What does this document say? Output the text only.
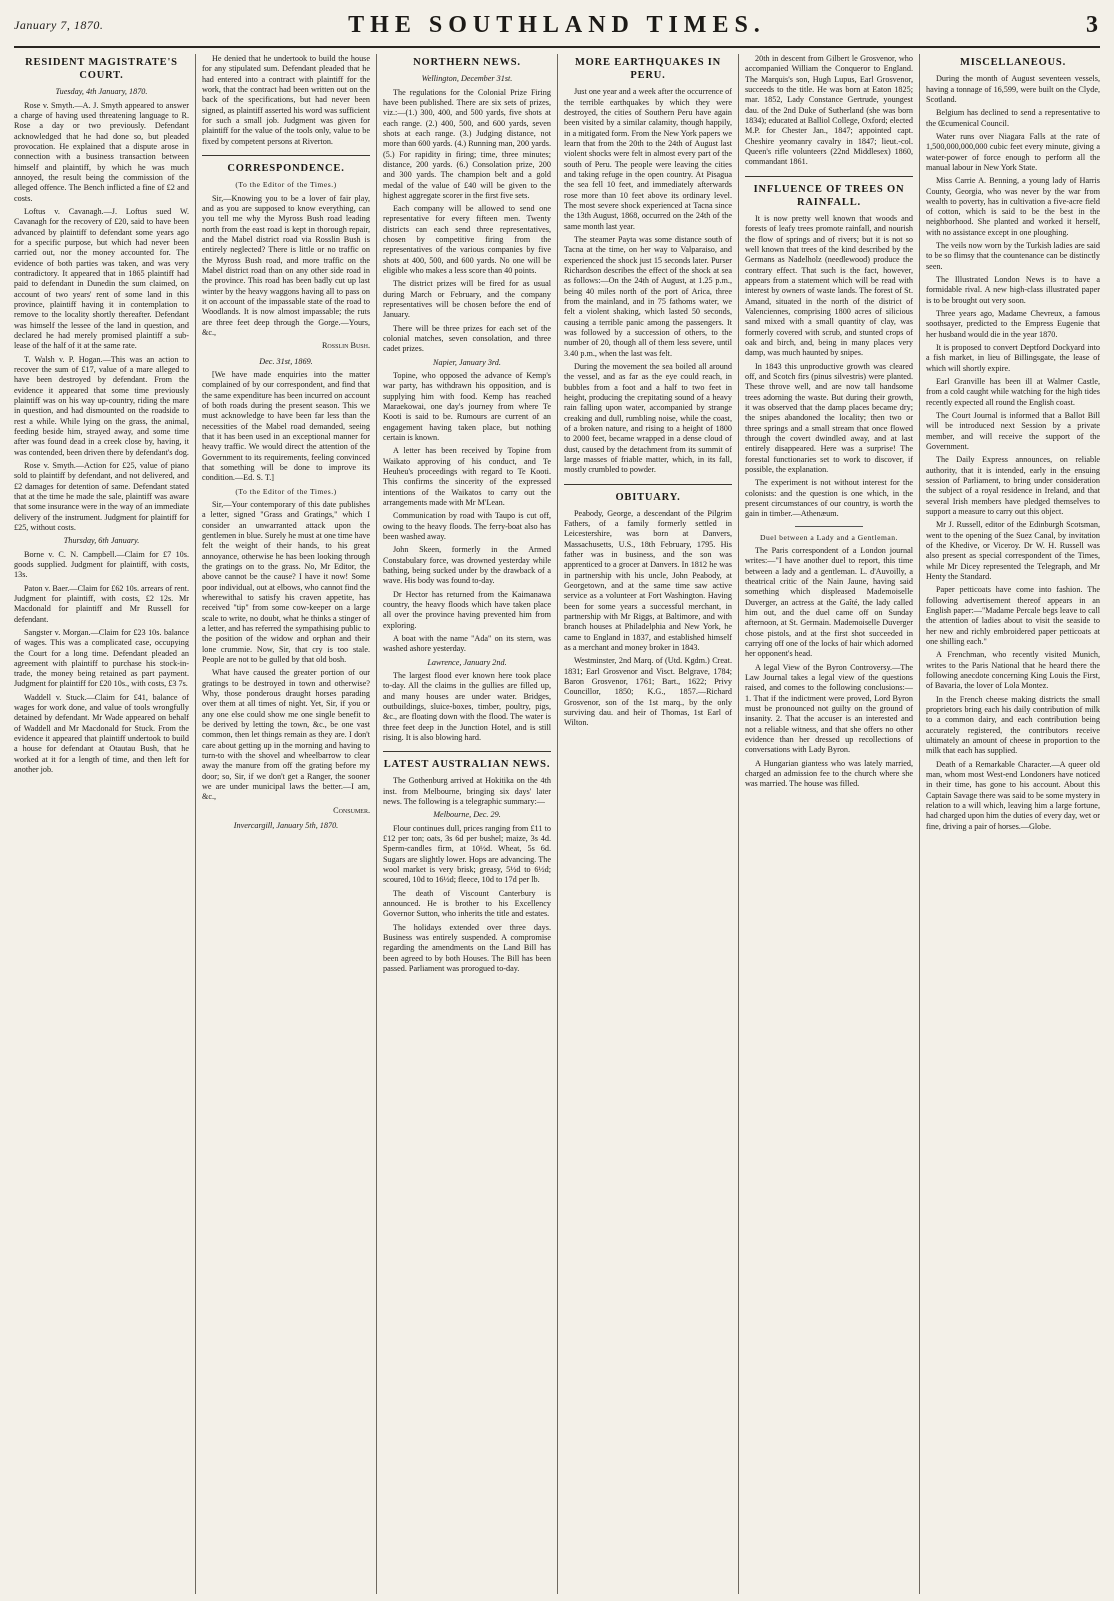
January 7, 1870.	THE SOUTHLAND TIMES.	3
RESIDENT MAGISTRATE'S COURT.
Tuesday, 4th January, 1870.

Rose v. Smyth.—A. J. Smyth appeared to answer a charge of having used threatening language to R. Rose a day or two previously. Defendant acknowledged that he had done so, but pleaded provocation. He explained that a dispute arose in connection with a business transaction between himself and plaintiff, by which he was much annoyed, the result being the commission of the alleged offence. The Bench inflicted a fine of £2 and costs.

Loftus v. Cavanagh.—J. Loftus sued W. Cavanagh for the recovery of £20, said to have been advanced by plaintiff to defendant some years ago for a specific purpose, but which had never been carried out, nor the money accounted for. The evidence of both parties was taken, and was very contradictory. It appeared that in 1865 plaintiff had paid to defendant in Dunedin the sum claimed, on account of two years' rent of some land in this province, plaintiff having it in contemplation to remove to the locality shortly thereafter. Defendant was himself the lessee of the land in question, and declared he had merely promised plaintiff a sub-lease of the half of it at the same rate.

T. Walsh v. P. Hogan.—This was an action to recover the sum of £17, value of a mare alleged to have been destroyed by defendant. From the evidence it appeared that some time previously plaintiff was on his way up-country, riding the mare in question, and had dismounted on the roadside to rest a while. While lying on the grass, the animal, feeding beside him, strayed away, and some time after was found dead in a creek close by, having, it was contended, been driven there by defendant's dog.

Rose v. Smyth.—Action for £25, value of piano sold to plaintiff by defendant, and not delivered, and £2 damages for detention of same. Defendant stated that at the time he made the sale, plaintiff was aware that some insurance were in the way of an immediate delivery of the instrument. Judgment for plaintiff for £25, without costs.

Thursday, 6th January.

Borne v. C. N. Campbell.—Claim for £7 10s. goods supplied. Judgment for plaintiff, with costs, 13s.

Paton v. Baer.—Claim for £62 10s. arrears of rent. Judgment for plaintiff, with costs, £2 12s. Mr Macdonald for plaintiff and Mr Russell for defendant.

Sangster v. Morgan.—Claim for £23 10s. balance of wages. This was a complicated case, occupying the Court for a long time. Defendant pleaded an agreement with plaintiff to purchase his stock-in-trade, the money being retained as part payment. Judgment for plaintiff for £20 10s., with costs, £3 7s.

Waddell v. Stuck.—Claim for £41, balance of wages for work done, and value of tools wrongfully detained by defendant. Mr Wade appeared on behalf of Waddell and Mr Macdonald for Stuck. From the evidence it appeared that plaintiff undertook to build a house for defendant at Otautau Bush, that he worked at it for a length of time, and then left for another job.

He denied that he undertook to build the house for any stipulated sum. Defendant pleaded that he had entered into a contract with plaintiff for the work, that the contract had been written out on the back of the specifications, but had never been signed, as plaintiff asserted his word was sufficient for such a small job. Judgment was given for plaintiff for the value of the tools only, value to be fixed by competent persons at Riverton.

CORRESPONDENCE.
(To the Editor of the Times.)

Sir,—Knowing you to be a lover of fair play, and as you are supposed to know everything, can you tell me why the Myross Bush road leading north from the east road is kept in thorough repair, and the Mabel district road via Rosslin Bush is entirely neglected? There is little or no traffic on the Myross Bush road, and more traffic on the Mabel district road than on any other side road in the province. This road has been badly cut up last winter by the heavy waggons having all to pass on it on account of the impassable state of the road to Woodlands. It is now almost impassable; the ruts are three feet deep through the Gorge.—Yours, &c.,

Rosslin Bush.
Dec. 31st, 1869.

[We have made enquiries into the matter complained of by our correspondent, and find that the same expenditure has been incurred on account of both roads during the present season. This we must acknowledge to have been far less than the necessities of the Mabel road demanded, seeing that it has been used in an exceptional manner for heavy traffic. We would direct the attention of the Government to its requirements, feeling convinced that something will be done to improve its condition.—Ed. S. T.]

(To the Editor of the Times.)

Sir,—Your contemporary of this date publishes a letter, signed "Grass and Gratings," which I consider an unwarranted attack upon the gentlemen in blue. Surely he must at one time have felt the weight of their hands, to his great annoyance, otherwise he has been looking through the gratings on to the grass. No, Mr Editor, the above cannot be the cause? I have it now! Some poor individual, out at elbows, who cannot find the wherewithal to satisfy his craven appetite, has received "tip" from some cow-keeper on a large scale to write, no doubt, what he thinks a stinger of a letter, and has referred the sympathising public to the position of the widow and orphan and their lone crummie. Now, Sir, that cry is too stale. People are not to be gulled by that old bosh.

What have caused the greater portion of our gratings to be destroyed in town and otherwise? Why, those ponderous draught horses parading over them at all times of night. Yet, Sir, if you or any one else could show me one single benefit to be derived by letting the town, &c., be one vast common, then let things remain as they are. I don't care about getting up in the morning and having to turn-to with the shovel and wheelbarrow to clear away the manure from off the grating before my door; so, Sir, if we don't get a Ranger, the sooner we are under municipal laws the better.—I am, &c.,

Consumer.
Invercargill, January 5th, 1870.
NORTHERN NEWS.
Wellington, December 31st.

The regulations for the Colonial Prize Firing have been published. There are six sets of prizes, viz.:—(1.) 300, 400, and 500 yards, five shots at each range. (2.) 400, 500, and 600 yards, seven shots at each range. (3.) Judging distance, not more than 600 yards. (4.) Running man, 200 yards. (5.) For rapidity in firing; time, three minutes; distance, 200 yards. (6.) Consolation prize, 200 and 300 yards. The champion belt and a gold medal of the value of £40 will be given to the highest aggregate scorer in the first five sets.

Each company will be allowed to send one representative for every fifteen men. Twenty districts can each send three representatives, chosen by competitive firing from the representatives of the various companies by five shots at 400, 500, and 600 yards. No one will be eligible who makes a less score than 40 points.

The district prizes will be fired for as usual during March or February, and the company representatives will be chosen before the end of January.

There will be three prizes for each set of the colonial matches, seven consolation, and three cadet prizes.

Napier, January 3rd.

Topine, who opposed the advance of Kemp's war party, has withdrawn his opposition, and is supplying him with food. Kemp has reached Maraekowai, one day's journey from where Te Kooti is said to be. Rumours are current of an engagement having taken place, but nothing certain is known.

A letter has been received by Topine from Waikato approving of his conduct, and Te Heuheu's proceedings with regard to Te Kooti. This confirms the sincerity of the expressed intentions of the Waikatos to carry out the arrangements made with Mr M'Lean.

Communication by road with Taupo is cut off, owing to the heavy floods. The ferry-boat also has been washed away.

John Skeen, formerly in the Armed Constabulary force, was drowned yesterday while bathing, being sucked under by the drawback of a wave. His body was found to-day.

Dr Hector has returned from the Kaimanawa country, the heavy floods which have taken place all over the province having prevented him from exploring.

A boat with the name "Ada" on its stern, was washed ashore yesterday.

Lawrence, January 2nd.

The largest flood ever known here took place to-day. All the claims in the gullies are filled up, and many houses are under water. Bridges, outbuildings, sluice-boxes, timber, poultry, pigs, &c., are floating down with the flood. The water is three feet deep in the Junction Hotel, and is still rising. It is also blowing hard.

LATEST AUSTRALIAN NEWS.

The Gothenburg arrived at Hokitika on the 4th inst. from Melbourne, bringing six days' later news. The following is a telegraphic summary:—

Melbourne, Dec. 29.

Flour continues dull, prices ranging from £11 to £12 per ton; oats, 3s 6d per bushel; maize, 3s 4d. Sperm-candles firm, at 10½d. Wheat, 5s 6d. Sugars are slightly lower. Hops are advancing. The wool market is very brisk; greasy, 5½d to 6½d; scoured, 10d to 16½d; fleece, 10d to 17d per lb.

The death of Viscount Canterbury is announced. He is brother to his Excellency Governor Sutton, who inherits the title and estates.

The holidays extended over three days. Business was entirely suspended. A compromise regarding the amendments on the Land Bill has been agreed to by both Houses. The Bill has been passed. Parliament was prorogued to-day.

MORE EARTHQUAKES IN PERU.

Just one year and a week after the occurrence of the terrible earthquakes by which they were destroyed, the cities of Southern Peru have again been visited by a similar calamity, though happily, in a mitigated form. From the New York papers we learn that from the 20th to the 24th of August last violent shocks were felt in almost every part of the south of Peru. The people were leaving the cities and taking refuge in the open country. At Pisagua the sea fell 10 feet, and immediately afterwards rose more than 10 feet above its ordinary level. The most severe shock experienced at Tacna since the 13th August, 1868, occurred on the 24th of the same month last year.

The steamer Payta was some distance south of Tacna at the time, on her way to Valparaiso, and experienced the shock just 15 seconds later. Purser Richardson describes the effect of the shock at sea as follows:—On the 24th of August, at 1.25 p.m., being 40 miles north of the port of Arica, three from the mainland, and in 75 fathoms water, we felt a violent shaking, which lasted 50 seconds, causing a terrible panic among the passengers. It was followed by a succession of others, to the number of 20, though all of them less severe, until 3.40 p.m., when the last was felt.

During the movement the sea boiled all around the vessel, and as far as the eye could reach, in bubbles from a foot and a half to two feet in height, producing the crepitating sound of a heavy rain falling upon water, accompanied by strange creaking and dull, rumbling noise, while the coast, of a broken nature, and rising to a height of 1800 to 2000 feet, became wrapped in a dense cloud of dust, caused by the detachment from its summit of large masses of friable matter, which, in its fall, mostly crumbled to powder.

OBITUARY.

Peabody, George, a descendant of the Pilgrim Fathers, of a family formerly settled in Leicestershire, was born at Danvers, Massachusetts, U.S., 18th February, 1795. His father was in business, and the son was apprenticed to a grocer at Danvers. In 1812 he was in partnership with his uncle, John Peabody, at Georgetown, and at the same time saw active service as a volunteer at Fort Washington. Having been for some years a successful merchant, in partnership with Mr Riggs, at Baltimore, and with branch houses at Philadelphia and New York, he came to England in 1837, and established himself as a merchant and money broker in 1843.

Westminster, 2nd Marq. of (Utd. Kgdm.) Creat. 1831; Earl Grosvenor and Visct. Belgrave, 1784; Baron Grosvenor, 1761; Bart., 1622; Privy Councillor, 1850; K.G., 1857.—Richard Grosvenor, son of the 1st marq., by the only surviving dau. and heir of Thomas, 1st Earl of Wilton.

20th in descent from Gilbert le Grosvenor, who accompanied William the Conqueror to England. The Marquis's son, Hugh Lupus, Earl Grosvenor, succeeds to the title. He was born at Eaton 1825; mar. 1852, Lady Constance Gertrude, youngest dau. of the 2nd Duke of Sutherland (she was born 1834); educated at Balliol College, Oxford; elected M.P. for Chester Jan., 1847; appointed capt. Cheshire yeomanry cavalry in 1847; lieut.-col. Queen's rifle volunteers (22nd Middlesex) 1860, commandant 1861.

INFLUENCE OF TREES ON RAINFALL.

It is now pretty well known that woods and forests of leafy trees promote rainfall, and nourish the flow of springs and of rivers; but it is not so well known that trees of the kind described by the Germans as Nadelholz (needlewood) produce the contrary effect. That such is the fact, however, appears from a statement which will be read with interest by owners of waste lands. The forest of St. Amand, situated in the north of the district of Valenciennes, comprising 1800 acres of silicious sand mixed with a small quantity of clay, was formerly covered with scrub, and stunted crops of oak and birch, and, being in many places very damp, was much haunted by snipes.

In 1843 this unproductive growth was cleared off, and Scotch firs (pinus silvestris) were planted. These throve well, and are now tall handsome trees adorning the waste. But during their growth, it was observed that the damp places became dry; the snipes abandoned the locality; then two or three springs and a small stream that once flowed through the covert dwindled away, and at last entirely disappeared. Here was a surprise! The forestal functionaries set to work to discover, if possible, the explanation.

The experiment is not without interest for the colonists: and the question is one which, in the present circumstances of our country, is worth the gain in timber.—Athenæum.

Duel between a Lady and a Gentleman.

The Paris correspondent of a London journal writes:—"I have another duel to report, this time between a lady and a gentleman. L. d'Auvoilly, a theatrical critic of the Nain Jaune, having said something which displeased Mademoiselle Duverger, an actress at the Gaîté, the lady called him out, and the duel came off on Sunday afternoon, at St. Germain. Mademoiselle Duverger chose pistols, and at the first shot succeeded in carrying off one of the locks of hair which adorned her opponent's head.

A legal View of the Byron Controversy.—The Law Journal takes a legal view of the questions raised, and comes to the following conclusions:—1. That if the indictment were proved, Lord Byron must be pronounced not guilty on the ground of insanity. 2. That the accuser is an interested and not a reliable witness, and that she offers no other evidence than her dressed up recollections of conversations with Lady Byron.

A Hungarian giantess who was lately married, charged an admission fee to the church where she was married. The house was filled.

MISCELLANEOUS.

During the month of August seventeen vessels, having a tonnage of 16,599, were built on the Clyde, Scotland.

Belgium has declined to send a representative to the Œcumenical Council.

Water runs over Niagara Falls at the rate of 1,500,000,000,000 cubic feet every minute, giving a water-power of force enough to perform all the manual labour in New York State.

Miss Carrie A. Benning, a young lady of Harris County, Georgia, who was never by the war from wealth to poverty, has in cultivation a five-acre field of cotton, which is said to be the best in the neighborhood. She planted and worked it herself, with no assistance except in one ploughing.

The veils now worn by the Turkish ladies are said to be so flimsy that the countenance can be distinctly seen.

The Illustrated London News is to have a formidable rival. A new high-class illustrated paper is to be brought out very soon.

Three years ago, Madame Chevreux, a famous soothsayer, predicted to the Empress Eugenie that her husband would die in the year 1870.

It is proposed to convert Deptford Dockyard into a fish market, in lieu of Billingsgate, the lease of which will shortly expire.

Earl Granville has been ill at Walmer Castle, from a cold caught while watching for the high tides recently expected all round the English coast.

The Court Journal is informed that a Ballot Bill will be introduced next Session by a private member, and will receive the support of the Government.

The Daily Express announces, on reliable authority, that it is intended, early in the ensuing session of Parliament, to bring under consideration the subject of a royal residence in Ireland, and that several Irish members have pledged themselves to support a measure to carry out this object.

Mr J. Russell, editor of the Edinburgh Scotsman, went to the opening of the Suez Canal, by invitation of the Khedive, or Viceroy. Dr W. H. Russell was also present as special correspondent of the Times, while Mr Dicey represented the Telegraph, and Mr Henty the Standard.

Paper petticoats have come into fashion. The following advertisement thereof appears in an English paper:—"Madame Percale begs leave to call the attention of ladies about to visit the seaside to her new and richly embroidered paper petticoats at one shilling each."

A Frenchman, who recently visited Munich, writes to the Paris National that he heard there the following anecdote concerning King Louis the First, of Bavaria, the lover of Lola Montez.

In the French cheese making districts the small proprietors bring each his daily contribution of milk to a common dairy, and each contribution being accurately registered, the contributors receive ultimately an amount of cheese in proportion to the milk that each has supplied.

Death of a Remarkable Character.—A queer old man, whom most West-end Londoners have noticed in their time, has gone to his account. About this Captain Savage there was said to be some mystery in relation to a will which, leaving him a large fortune, had charged upon him the duties of every day, wet or fine, driving a pair of horses.—Globe.
